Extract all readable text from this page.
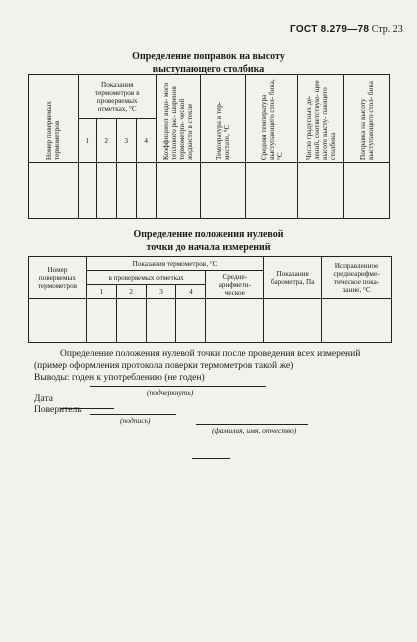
ГОСТ 8.279—78 Стр. 23
Определение поправок на высоту
выступающего столбика
Номер поверяемых термометров	Показания термометров в проверяемых отметках, °С				Коэффициент види- мого теплового рас- ширения термометри- ческой жидкости в стекле	Температура в тер- мостате, °С	Средняя температура выступающего стол- бика, °С	Число градусных де- лений, соответствую- щее высоте высту- пающего столбика	Поправка на высоту выступающего стол- бика
	1	2	3	4					

Определение положения нулевой
точки до начала измерений
Номер поверяемых термометров	Показания термометров, °С					Показания барометра, Па	Исправленное среднеарифме- тическое пока- зание, °С
	в проверяемых отметках				Средне- арифмети- ческое		
	1	2	3	4			

Определение положения нулевой точки после проведения всех измерений
(пример оформления протокола поверки термометров такой же)
Выводы: годен к употреблению (не годен)
(подчеркнуть)
Дата
Поверитель
(подпись)
(фамилия, имя, отчество)
